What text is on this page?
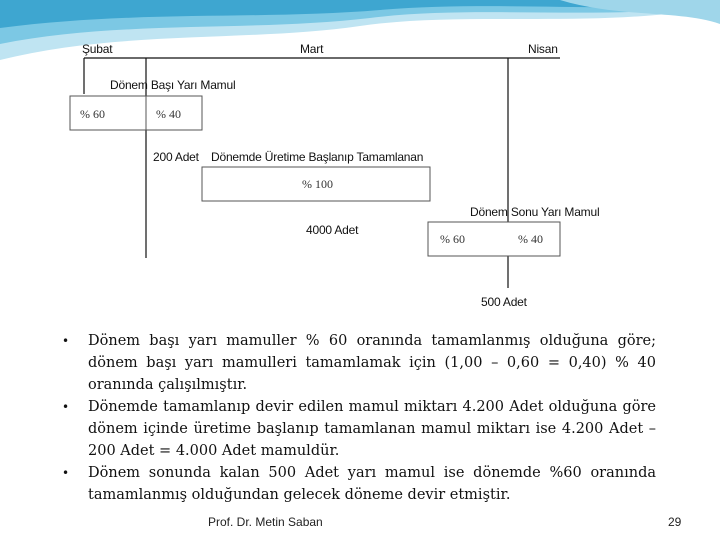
Şubat	Mart	Nisan
Dönem Başı Yarı Mamul
% 60	% 40
200 Adet Dönemde Üretime Başlanıp Tamamlanan
% 100
4000 Adet
Dönem Sonu Yarı Mamul
% 60	% 40
500 Adet
• Dönem başı yarı mamuller % 60 oranında tamamlanmış olduğuna göre; dönem başı yarı mamulleri tamamlamak için (1,00 – 0,60 = 0,40) % 40 oranında çalışılmıştır.
• Dönemde tamamlanıp devir edilen mamul miktarı 4.200 Adet olduğuna göre dönem içinde üretime başlanıp tamamlanan mamul miktarı ise 4.200 Adet – 200 Adet = 4.000 Adet mamuldür.
• Dönem sonunda kalan 500 Adet yarı mamul ise dönemde %60 oranında tamamlanmış olduğundan gelecek döneme devir etmiştir.
Prof. Dr. Metin Saban	29
